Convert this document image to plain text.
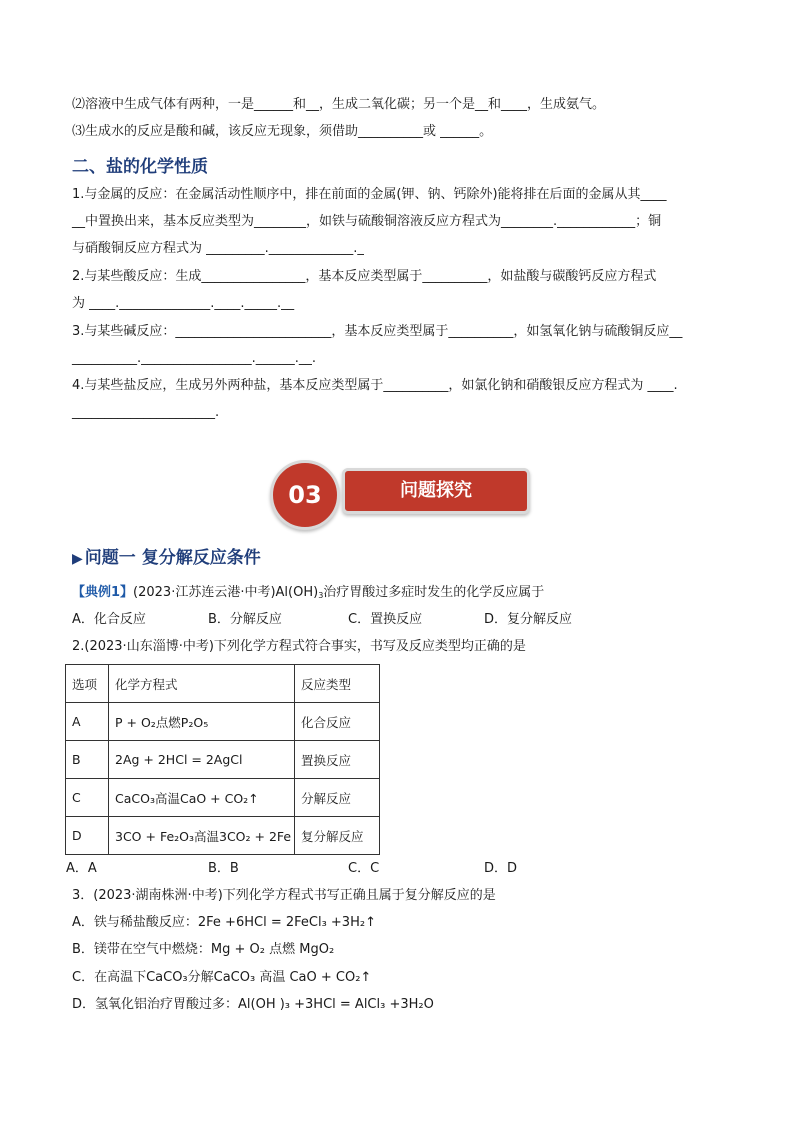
⑵溶液中生成气体有两种，一是______和__，生成二氧化碳；另一个是__和____，生成氨气。
⑶生成水的反应是酸和碱，该反应无现象，须借助__________或 ______。
二、盐的化学性质
1.与金属的反应：在金属活动性顺序中，排在前面的金属(钾、钠、钙除外)能将排在后面的金属从其____
__中置换出来，基本反应类型为________，如铁与硫酸铜溶液反应方程式为________.____________；铜
与硝酸铜反应方程式为 _________._____________._
2.与某些酸反应：生成________________，基本反应类型属于__________，如盐酸与碳酸钙反应方程式
为 ____.______________.____._____.__
3.与某些碱反应：________________________，基本反应类型属于__________，如氢氧化钠与硫酸铜反应__
__________._________________.______.__.
4.与某些盐反应，生成另外两种盐，基本反应类型属于__________，如氯化钠和硝酸银反应方程式为 ____.
______________________.
问题探究
03
▶ 问题一 复分解反应条件
【典例1】(2023·江苏连云港·中考)$Al(OH)_3$治疗胃酸过多症时发生的化学反应属于
A．化合反应	B．分解反应	C．置换反应	D．复分解反应
2.(2023·山东淄博·中考)下列化学方程式符合事实，书写及反应类型均正确的是
选项	化学方程式	反应类型
A	P + O₂点燃P₂O₅	化合反应
B	2Ag + 2HCl = 2AgCl	置换反应
C	CaCO₃高温CaO + CO₂↑	分解反应
D	3CO + Fe₂O₃高温3CO₂ + 2Fe	复分解反应
A．A	B．B	C．C	D．D
3．(2023·湖南株洲·中考)下列化学方程式书写正确且属于复分解反应的是
A．铁与稀盐酸反应：2Fe +6HCl = 2FeCl₃ +3H₂↑
B．镁带在空气中燃烧：Mg + O₂ 点燃 MgO₂
C．在高温下CaCO₃分解CaCO₃ 高温 CaO + CO₂↑
D．氢氧化铝治疗胃酸过多：Al(OH )₃ +3HCl = AlCl₃ +3H₂O
